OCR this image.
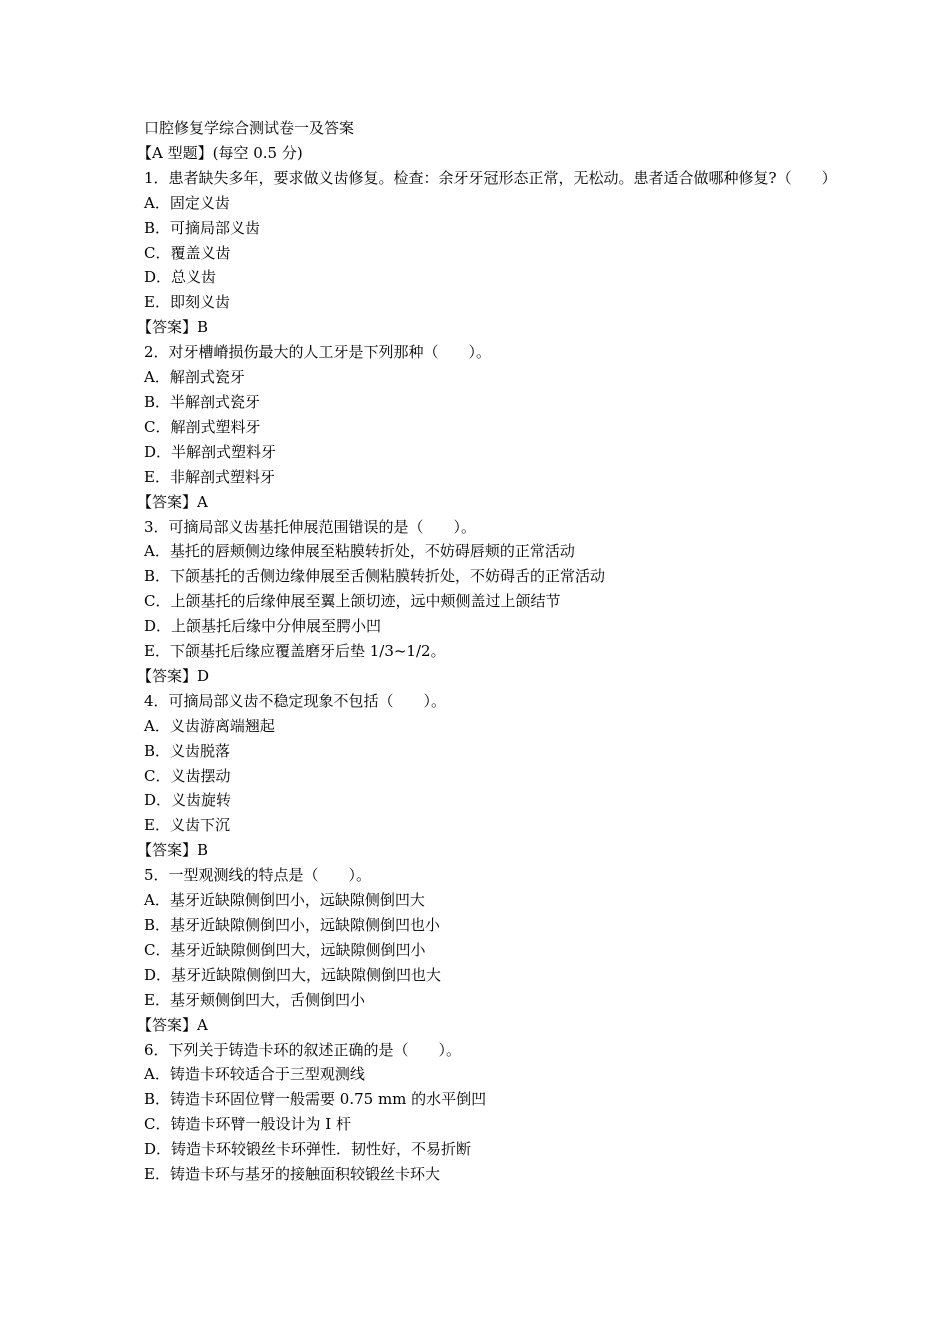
口腔修复学综合测试卷一及答案
【A 型题】(每空 0.5 分)
1．患者缺失多年，要求做义齿修复。检查：余牙牙冠形态正常，无松动。患者适合做哪种修复?（　　）
A．固定义齿
B．可摘局部义齿
C．覆盖义齿
D．总义齿
E．即刻义齿
【答案】B
2．对牙槽嵴损伤最大的人工牙是下列那种（　　）。
A．解剖式瓷牙
B．半解剖式瓷牙
C．解剖式塑料牙
D．半解剖式塑料牙
E．非解剖式塑料牙
【答案】A
3．可摘局部义齿基托伸展范围错误的是（　　）。
A．基托的唇颊侧边缘伸展至粘膜转折处，不妨碍唇颊的正常活动
B．下颌基托的舌侧边缘伸展至舌侧粘膜转折处，不妨碍舌的正常活动
C．上颌基托的后缘伸展至翼上颌切迹，远中颊侧盖过上颌结节
D．上颌基托后缘中分伸展至腭小凹
E．下颌基托后缘应覆盖磨牙后垫 1/3~1/2。
【答案】D
4．可摘局部义齿不稳定现象不包括（　　）。
A．义齿游离端翘起
B．义齿脱落
C．义齿摆动
D．义齿旋转
E．义齿下沉
【答案】B
5．一型观测线的特点是（　　）。
A．基牙近缺隙侧倒凹小，远缺隙侧倒凹大
B．基牙近缺隙侧倒凹小，远缺隙侧倒凹也小
C．基牙近缺隙侧倒凹大，远缺隙侧倒凹小
D．基牙近缺隙侧倒凹大，远缺隙侧倒凹也大
E．基牙颊侧倒凹大，舌侧倒凹小
【答案】A
6．下列关于铸造卡环的叙述正确的是（　　）。
A．铸造卡环较适合于三型观测线
B．铸造卡环固位臂一般需要 0.75 mm 的水平倒凹
C．铸造卡环臂一般设计为 I 杆
D．铸造卡环较锻丝卡环弹性．韧性好，不易折断
E．铸造卡环与基牙的接触面积较锻丝卡环大
